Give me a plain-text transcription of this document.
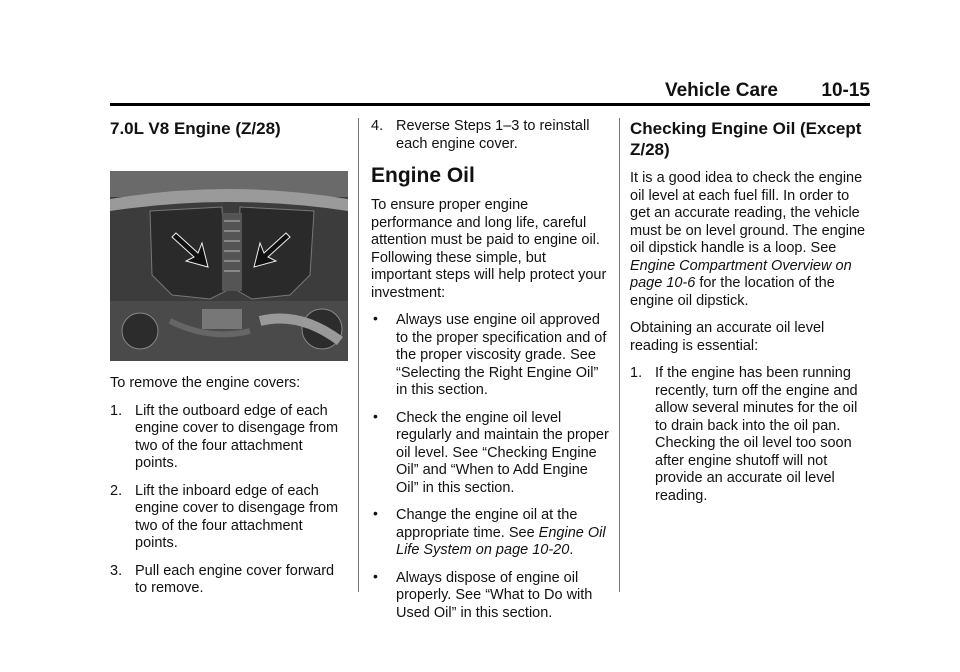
Vehicle Care 10-15
7.0L V8 Engine (Z/28)

To remove the engine covers:

1. Lift the outboard edge of each engine cover to disengage from two of the four attachment points.
2. Lift the inboard edge of each engine cover to disengage from two of the four attachment points.
3. Pull each engine cover forward to remove.
4. Reverse Steps 1–3 to reinstall each engine cover.
Engine Oil

To ensure proper engine performance and long life, careful attention must be paid to engine oil. Following these simple, but important steps will help protect your investment:

• Always use engine oil approved to the proper specification and of the proper viscosity grade. See “Selecting the Right Engine Oil” in this section.
• Check the engine oil level regularly and maintain the proper oil level. See “Checking Engine Oil” and “When to Add Engine Oil” in this section.
• Change the engine oil at the appropriate time. See Engine Oil Life System on page 10-20.
• Always dispose of engine oil properly. See “What to Do with Used Oil” in this section.
Checking Engine Oil (Except Z/28)

It is a good idea to check the engine oil level at each fuel fill. In order to get an accurate reading, the vehicle must be on level ground. The engine oil dipstick handle is a loop. See Engine Compartment Overview on page 10-6 for the location of the engine oil dipstick.

Obtaining an accurate oil level reading is essential:

1. If the engine has been running recently, turn off the engine and allow several minutes for the oil to drain back into the oil pan. Checking the oil level too soon after engine shutoff will not provide an accurate oil level reading.
